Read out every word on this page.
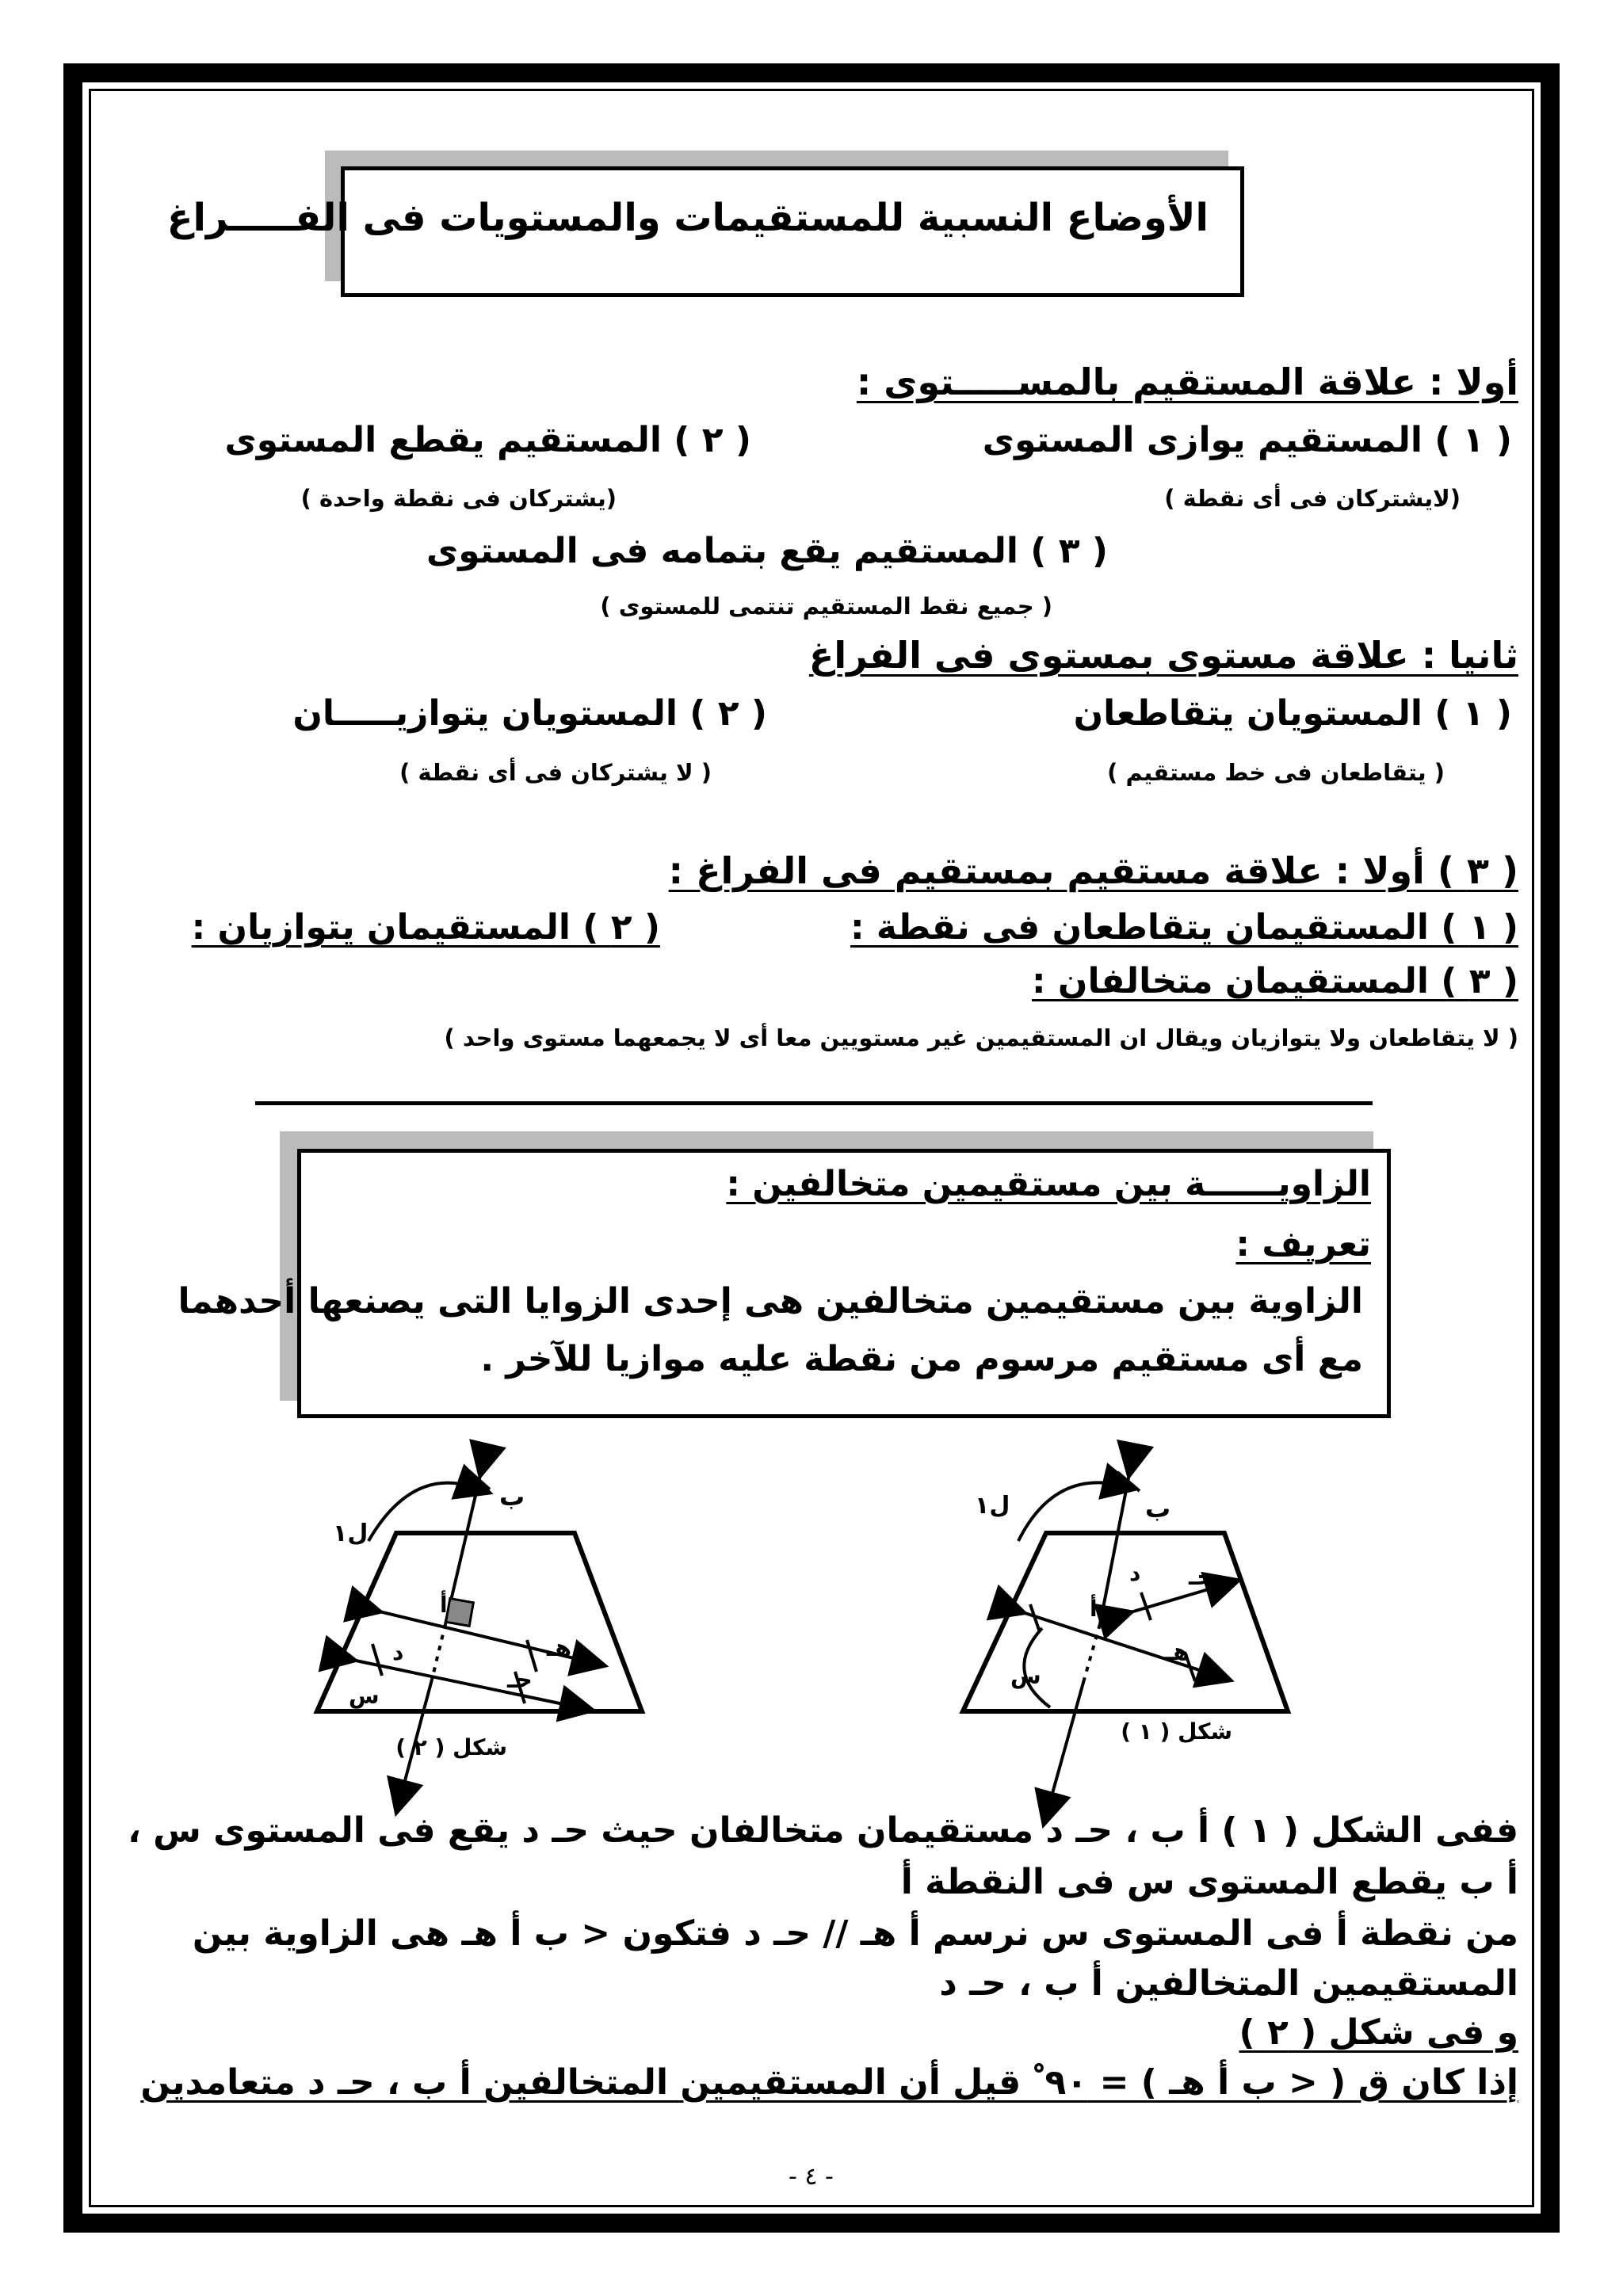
الأوضاع النسبية للمستقيمات والمستويات فى الفـــــراغ
أولا : علاقة المستقيم بالمســـــتوى :
( ١ ) المستقيم يوازى المستوى
( ٢ ) المستقيم يقطع المستوى
(لايشتركان فى أى نقطة )
(يشتركان فى نقطة واحدة )
( ٣ ) المستقيم يقع بتمامه فى المستوى
( جميع نقط المستقيم تنتمى للمستوى )
ثانيا : علاقة مستوى بمستوى فى الفراغ
( ١ ) المستويان يتقاطعان
( ٢ ) المستويان يتوازيـــــان
( يتقاطعان فى خط مستقيم )
( لا يشتركان فى أى نقطة )
( ٣ ) أولا : علاقة مستقيم بمستقيم فى الفراغ :
( ١ ) المستقيمان يتقاطعان فى نقطة :
( ٢ ) المستقيمان يتوازيان :
( ٣ ) المستقيمان متخالفان :
( لا يتقاطعان ولا يتوازيان ويقال ان المستقيمين غير مستويين معا أى لا يجمعهما مستوى واحد )
الزاويــــــة بين مستقيمين متخالفين :
تعريف :
الزاوية بين مستقيمين متخالفين هى إحدى الزوايا التى يصنعها أحدهما
مع أى مستقيم مرسوم من نقطة عليه موازيا للآخر .
ب
ل١
أ
هـ
حـ
د
س
شكل ( ٢ )
ب
ل١
أ
هـ
حـ
د
س
شكل ( ١ )
ففى الشكل ( ١ ) أ ب ، حـ د مستقيمان متخالفان حيث حـ د يقع فى المستوى س ،
أ ب يقطع المستوى س فى النقطة أ
من نقطة أ فى المستوى س نرسم أ هـ // حـ د فتكون < ب أ هـ هى الزاوية بين
المستقيمين المتخالفين أ ب ، حـ د
و فى شكل ( ٢ )
إذا كان ق ( < ب أ هـ ) = ٩٠ ْ قيل أن المستقيمين المتخالفين أ ب ، حـ د متعامدين
- ٤ -
